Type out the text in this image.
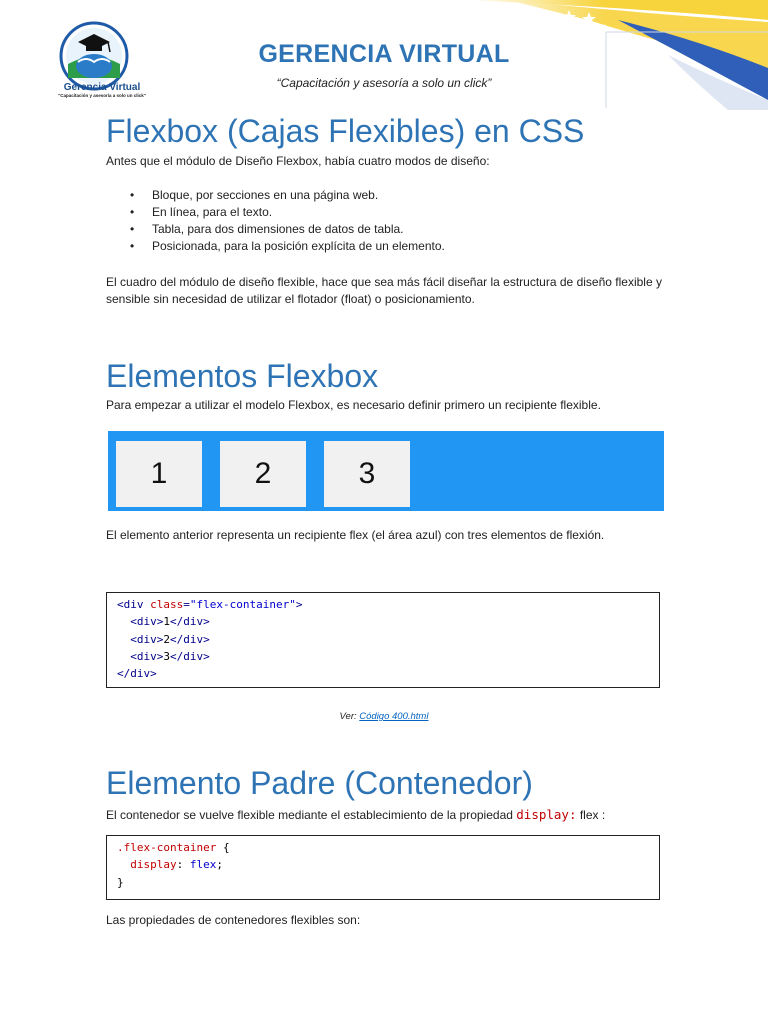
Gerencia Virtual
"Capacitación y asesoría a solo un click"
GERENCIA VIRTUAL
“Capacitación y asesoría a solo un click”
Flexbox (Cajas Flexibles) en CSS

Antes que el módulo de Diseño Flexbox, había cuatro modos de diseño:

• Bloque, por secciones en una página web.
• En línea, para el texto.
• Tabla, para dos dimensiones de datos de tabla.
• Posicionada, para la posición explícita de un elemento.

El cuadro del módulo de diseño flexible, hace que sea más fácil diseñar la estructura de diseño flexible y sensible sin necesidad de utilizar el flotador (float) o posicionamiento.

Elementos Flexbox

Para empezar a utilizar el modelo Flexbox, es necesario definir primero un recipiente flexible.

1	2	3

El elemento anterior representa un recipiente flex (el área azul) con tres elementos de flexión.

<div class="flex-container">
<div>1</div>
<div>2</div>
<div>3</div>
</div>
Ver: Código 400.html
Elemento Padre (Contenedor)

El contenedor se vuelve flexible mediante el establecimiento de la propiedad display: flex :

.flex-container {
display: flex;
}

Las propiedades de contenedores flexibles son:
